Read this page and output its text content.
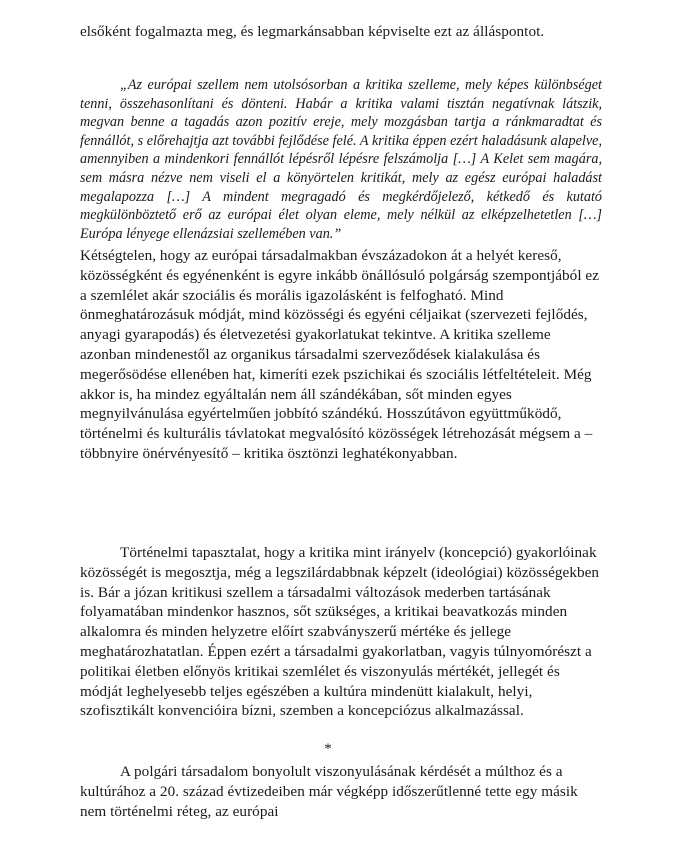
elsőként fogalmazta meg, és legmarkánsabban képviselte ezt az álláspontot.

„Az európai szellem nem utolsósorban a kritika szelleme, mely képes különbséget tenni, összehasonlítani és dönteni. Habár a kritika valami tisztán negatívnak látszik, megvan benne a tagadás azon pozitív ereje, mely mozgásban tartja a ránkmaradtat és fennállót, s előrehajtja azt további fejlődése felé. A kritika éppen ezért haladásunk alapelve, amennyiben a mindenkori fennállót lépésről lépésre felszámolja […] A Kelet sem magára, sem másra nézve nem viseli el a könyörtelen kritikát, mely az egész európai haladást megalapozza […] A mindent megragadó és megkérdőjelező, kétkedő és kutató megkülönböztető erő az európai élet olyan eleme, mely nélkül az elképzelhetetlen […] Európa lényege ellenázsiai szellemében van.”

Kétségtelen, hogy az európai társadalmakban évszázadokon át a helyét kereső, közösségként és egyénenként is egyre inkább önállósuló polgárság szempontjából ez a szemlélet akár szociális és morális igazolásként is felfogható. Mind önmeghatározásuk módját, mind közösségi és egyéni céljaikat (szervezeti fejlődés, anyagi gyarapodás) és életvezetési gyakorlatukat tekintve. A kritika szelleme azonban mindenestől az organikus társadalmi szerveződések kialakulása és megerősödése ellenében hat, kimeríti ezek pszichikai és szociális létfeltételeit. Még akkor is, ha mindez egyáltalán nem áll szándékában, sőt minden egyes megnyilvánulása egyértelműen jobbító szándékú. Hosszútávon együttműködő, történelmi és kulturális távlatokat megvalósító közösségek létrehozását mégsem a – többnyire önérvényesítő – kritika ösztönzi leghatékonyabban.

Történelmi tapasztalat, hogy a kritika mint irányelv (koncepció) gyakorlóinak közösségét is megosztja, még a legszilárdabbnak képzelt (ideológiai) közösségekben is. Bár a józan kritikusi szellem a társadalmi változások mederben tartásának folyamatában mindenkor hasznos, sőt szükséges, a kritikai beavatkozás minden alkalomra és minden helyzetre előírt szabványszerű mértéke és jellege meghatározhatatlan. Éppen ezért a társadalmi gyakorlatban, vagyis túlnyomórészt a politikai életben előnyös kritikai szemlélet és viszonyulás mértékét, jellegét és módját leghelyesebb teljes egészében a kultúra mindenütt kialakult, helyi, szofisztikált konvencióira bízni, szemben a koncepciózus alkalmazással.

*

A polgári társadalom bonyolult viszonyulásának kérdését a múlthoz és a kultúrához a 20. század évtizedeiben már végképp időszerűtlenné tette egy másik nem történelmi réteg, az európai
